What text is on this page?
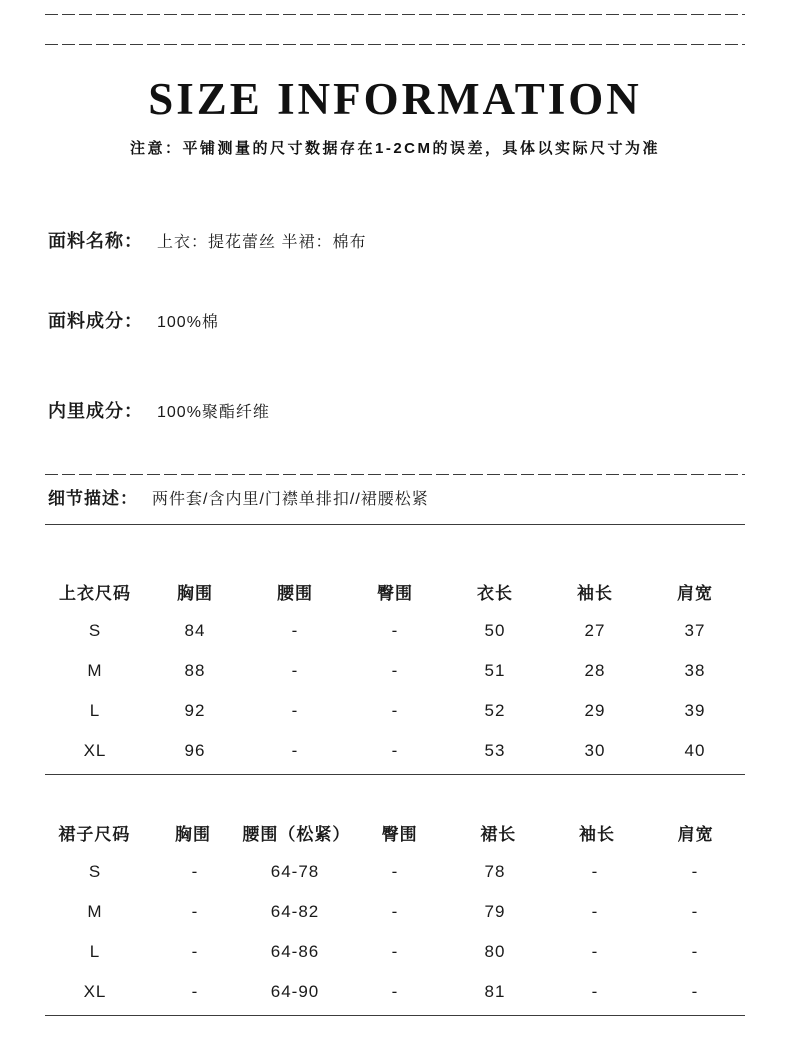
SIZE INFORMATION
注意：平铺测量的尺寸数据存在1-2CM的误差，具体以实际尺寸为准
面料名称： 上衣：提花蕾丝 半裙：棉布
面料成分： 100%棉
内里成分： 100%聚酯纤维
细节描述： 两件套/含内里/门襟单排扣//裙腰松紧
上衣尺码	胸围	腰围	臀围	衣长	袖长	肩宽
S	84	-	-	50	27	37
M	88	-	-	51	28	38
L	92	-	-	52	29	39
XL	96	-	-	53	30	40
裙子尺码	胸围	腰围（松紧）	臀围	裙长	袖长	肩宽
S	-	64-78	-	78	-	-
M	-	64-82	-	79	-	-
L	-	64-86	-	80	-	-
XL	-	64-90	-	81	-	-
